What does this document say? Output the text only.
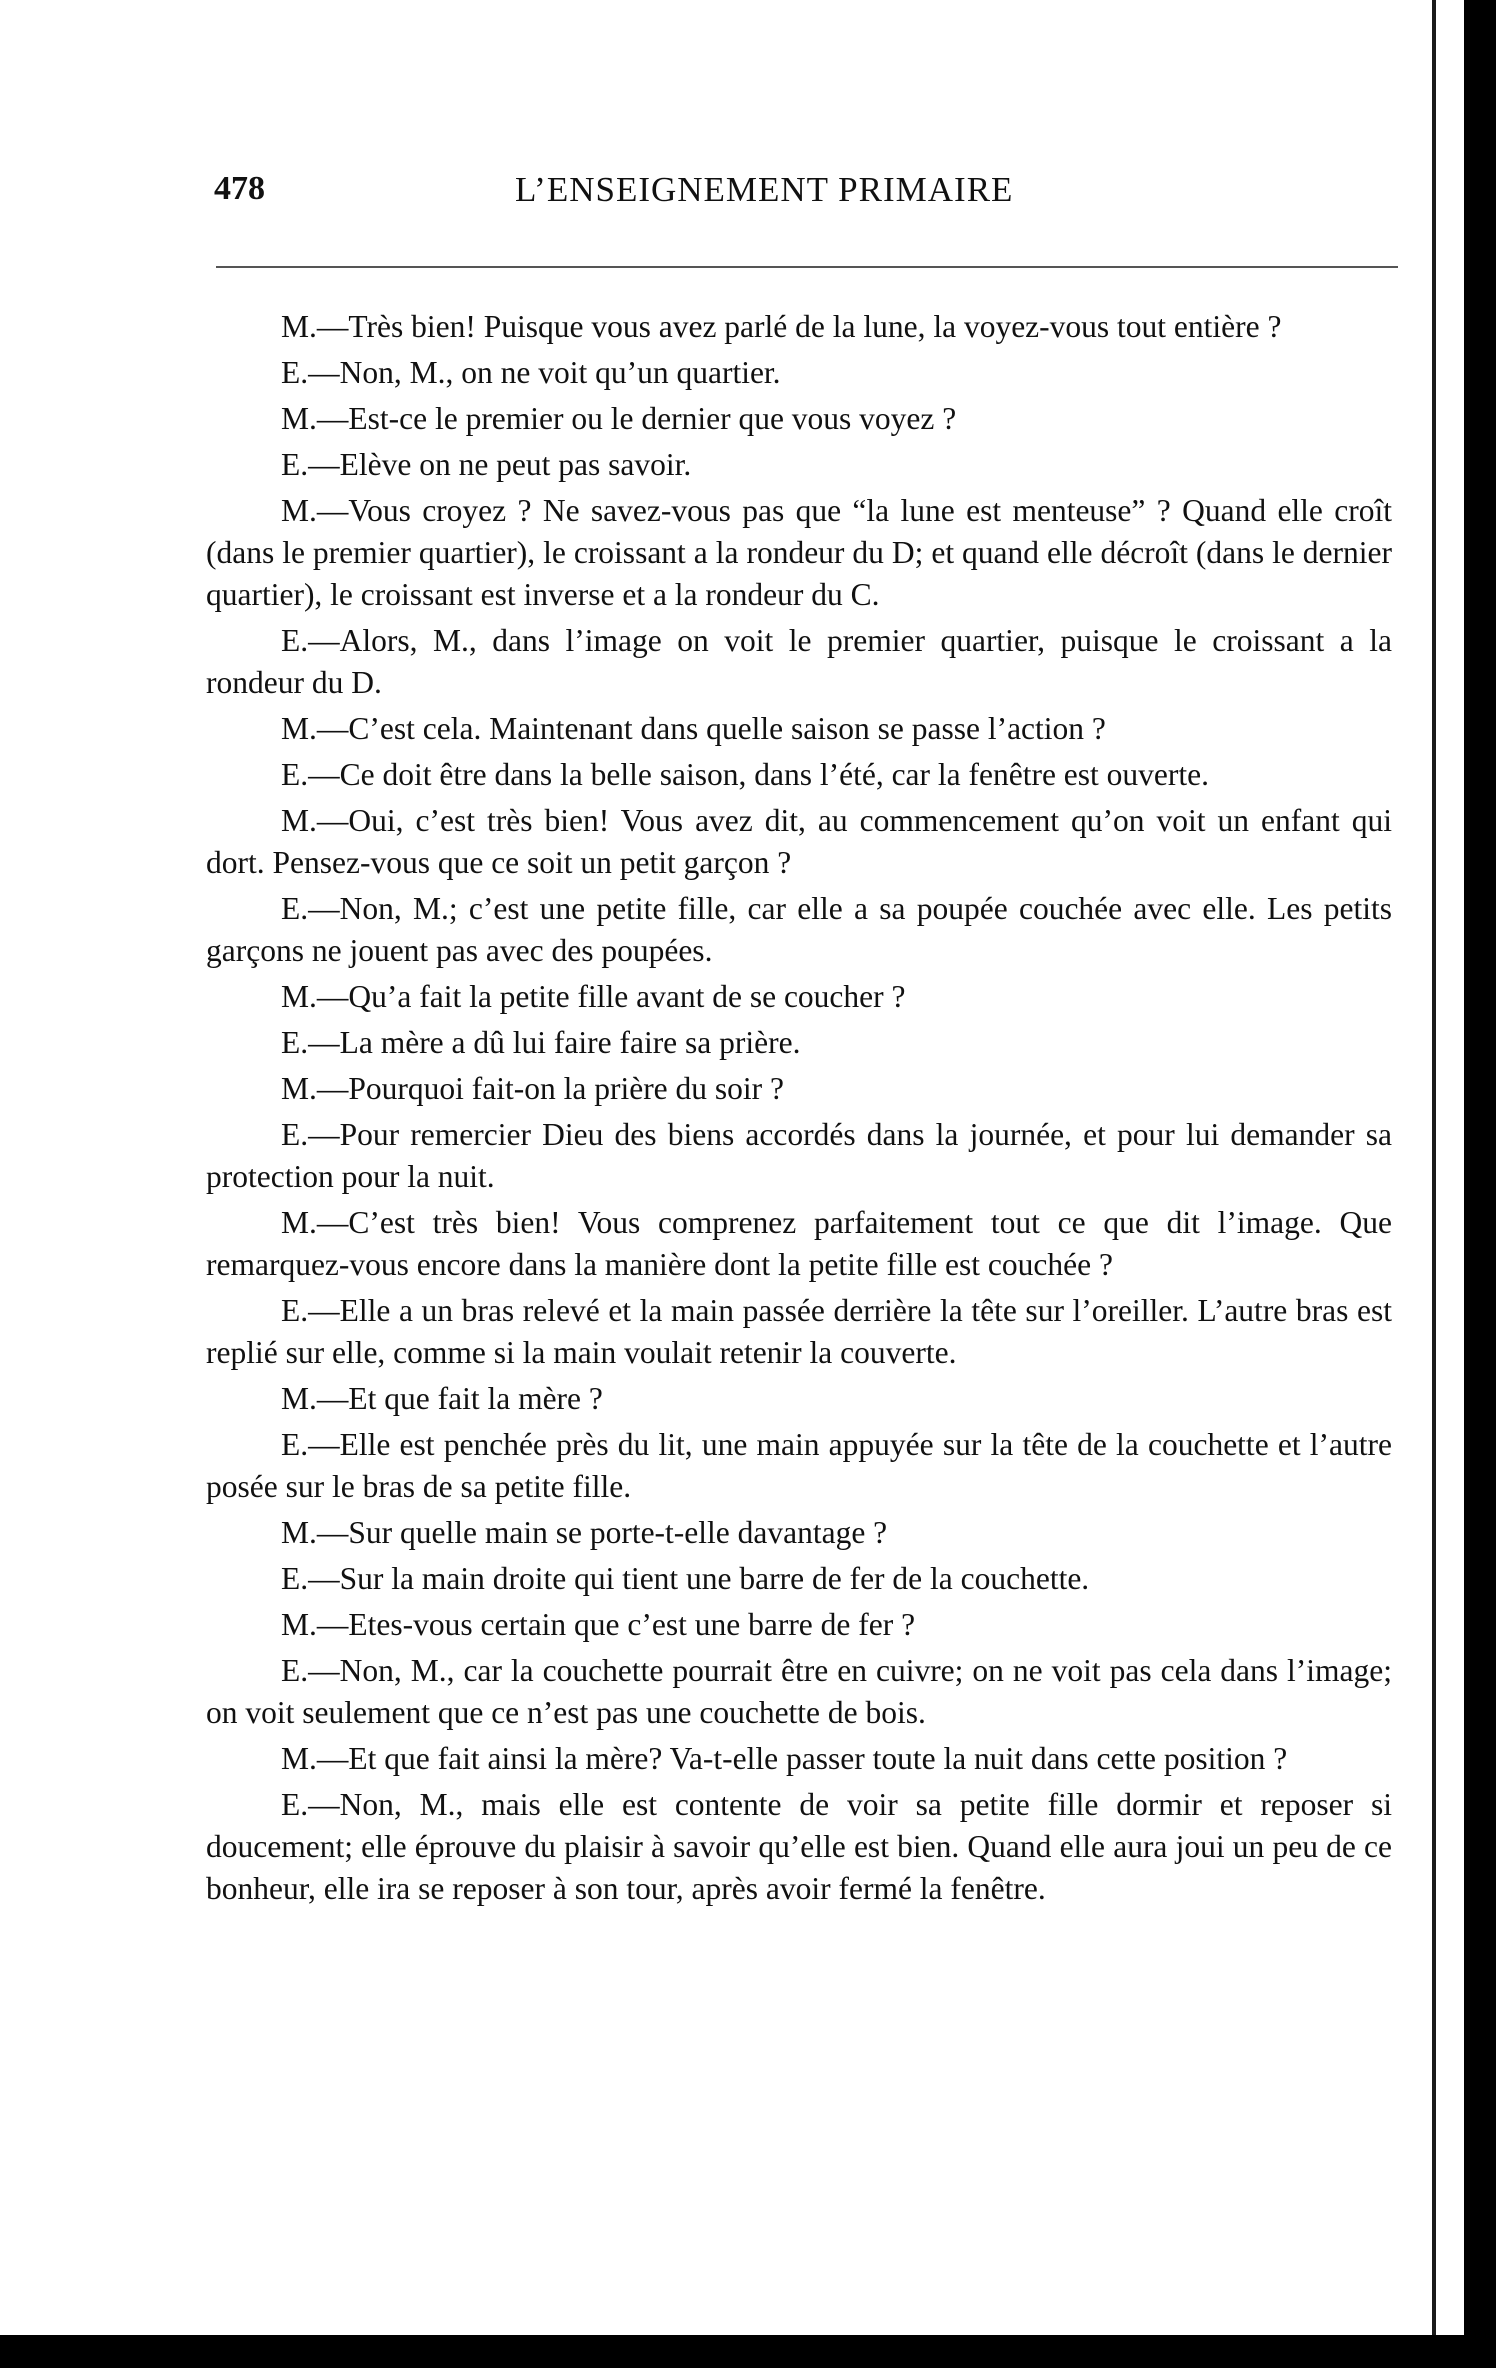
478	L’ENSEIGNEMENT PRIMAIRE

M.—Très bien! Puisque vous avez parlé de la lune, la voyez-vous tout entière ?

E.—Non, M., on ne voit qu’un quartier.

M.—Est-ce le premier ou le dernier que vous voyez ?

E.—Elève on ne peut pas savoir.

M.—Vous croyez ? Ne savez-vous pas que “la lune est menteuse” ? Quand elle croît (dans le premier quartier), le croissant a la rondeur du D; et quand elle décroît (dans le dernier quartier), le croissant est inverse et a la rondeur du C.

E.—Alors, M., dans l’image on voit le premier quartier, puisque le croissant a la rondeur du D.

M.—C’est cela. Maintenant dans quelle saison se passe l’action ?

E.—Ce doit être dans la belle saison, dans l’été, car la fenêtre est ouverte.

M.—Oui, c’est très bien! Vous avez dit, au commencement qu’on voit un enfant qui dort. Pensez-vous que ce soit un petit garçon ?

E.—Non, M.; c’est une petite fille, car elle a sa poupée couchée avec elle. Les petits garçons ne jouent pas avec des poupées.

M.—Qu’a fait la petite fille avant de se coucher ?

E.—La mère a dû lui faire faire sa prière.

M.—Pourquoi fait-on la prière du soir ?

E.—Pour remercier Dieu des biens accordés dans la journée, et pour lui demander sa protection pour la nuit.

M.—C’est très bien! Vous comprenez parfaitement tout ce que dit l’image. Que remarquez-vous encore dans la manière dont la petite fille est couchée ?

E.—Elle a un bras relevé et la main passée derrière la tête sur l’oreiller. L’autre bras est replié sur elle, comme si la main voulait retenir la couverte.

M.—Et que fait la mère ?

E.—Elle est penchée près du lit, une main appuyée sur la tête de la couchette et l’autre posée sur le bras de sa petite fille.

M.—Sur quelle main se porte-t-elle davantage ?

E.—Sur la main droite qui tient une barre de fer de la couchette.

M.—Etes-vous certain que c’est une barre de fer ?

E.—Non, M., car la couchette pourrait être en cuivre; on ne voit pas cela dans l’image; on voit seulement que ce n’est pas une couchette de bois.

M.—Et que fait ainsi la mère? Va-t-elle passer toute la nuit dans cette position ?

E.—Non, M., mais elle est contente de voir sa petite fille dormir et reposer si doucement; elle éprouve du plaisir à savoir qu’elle est bien. Quand elle aura joui un peu de ce bonheur, elle ira se reposer à son tour, après avoir fermé la fenêtre.
